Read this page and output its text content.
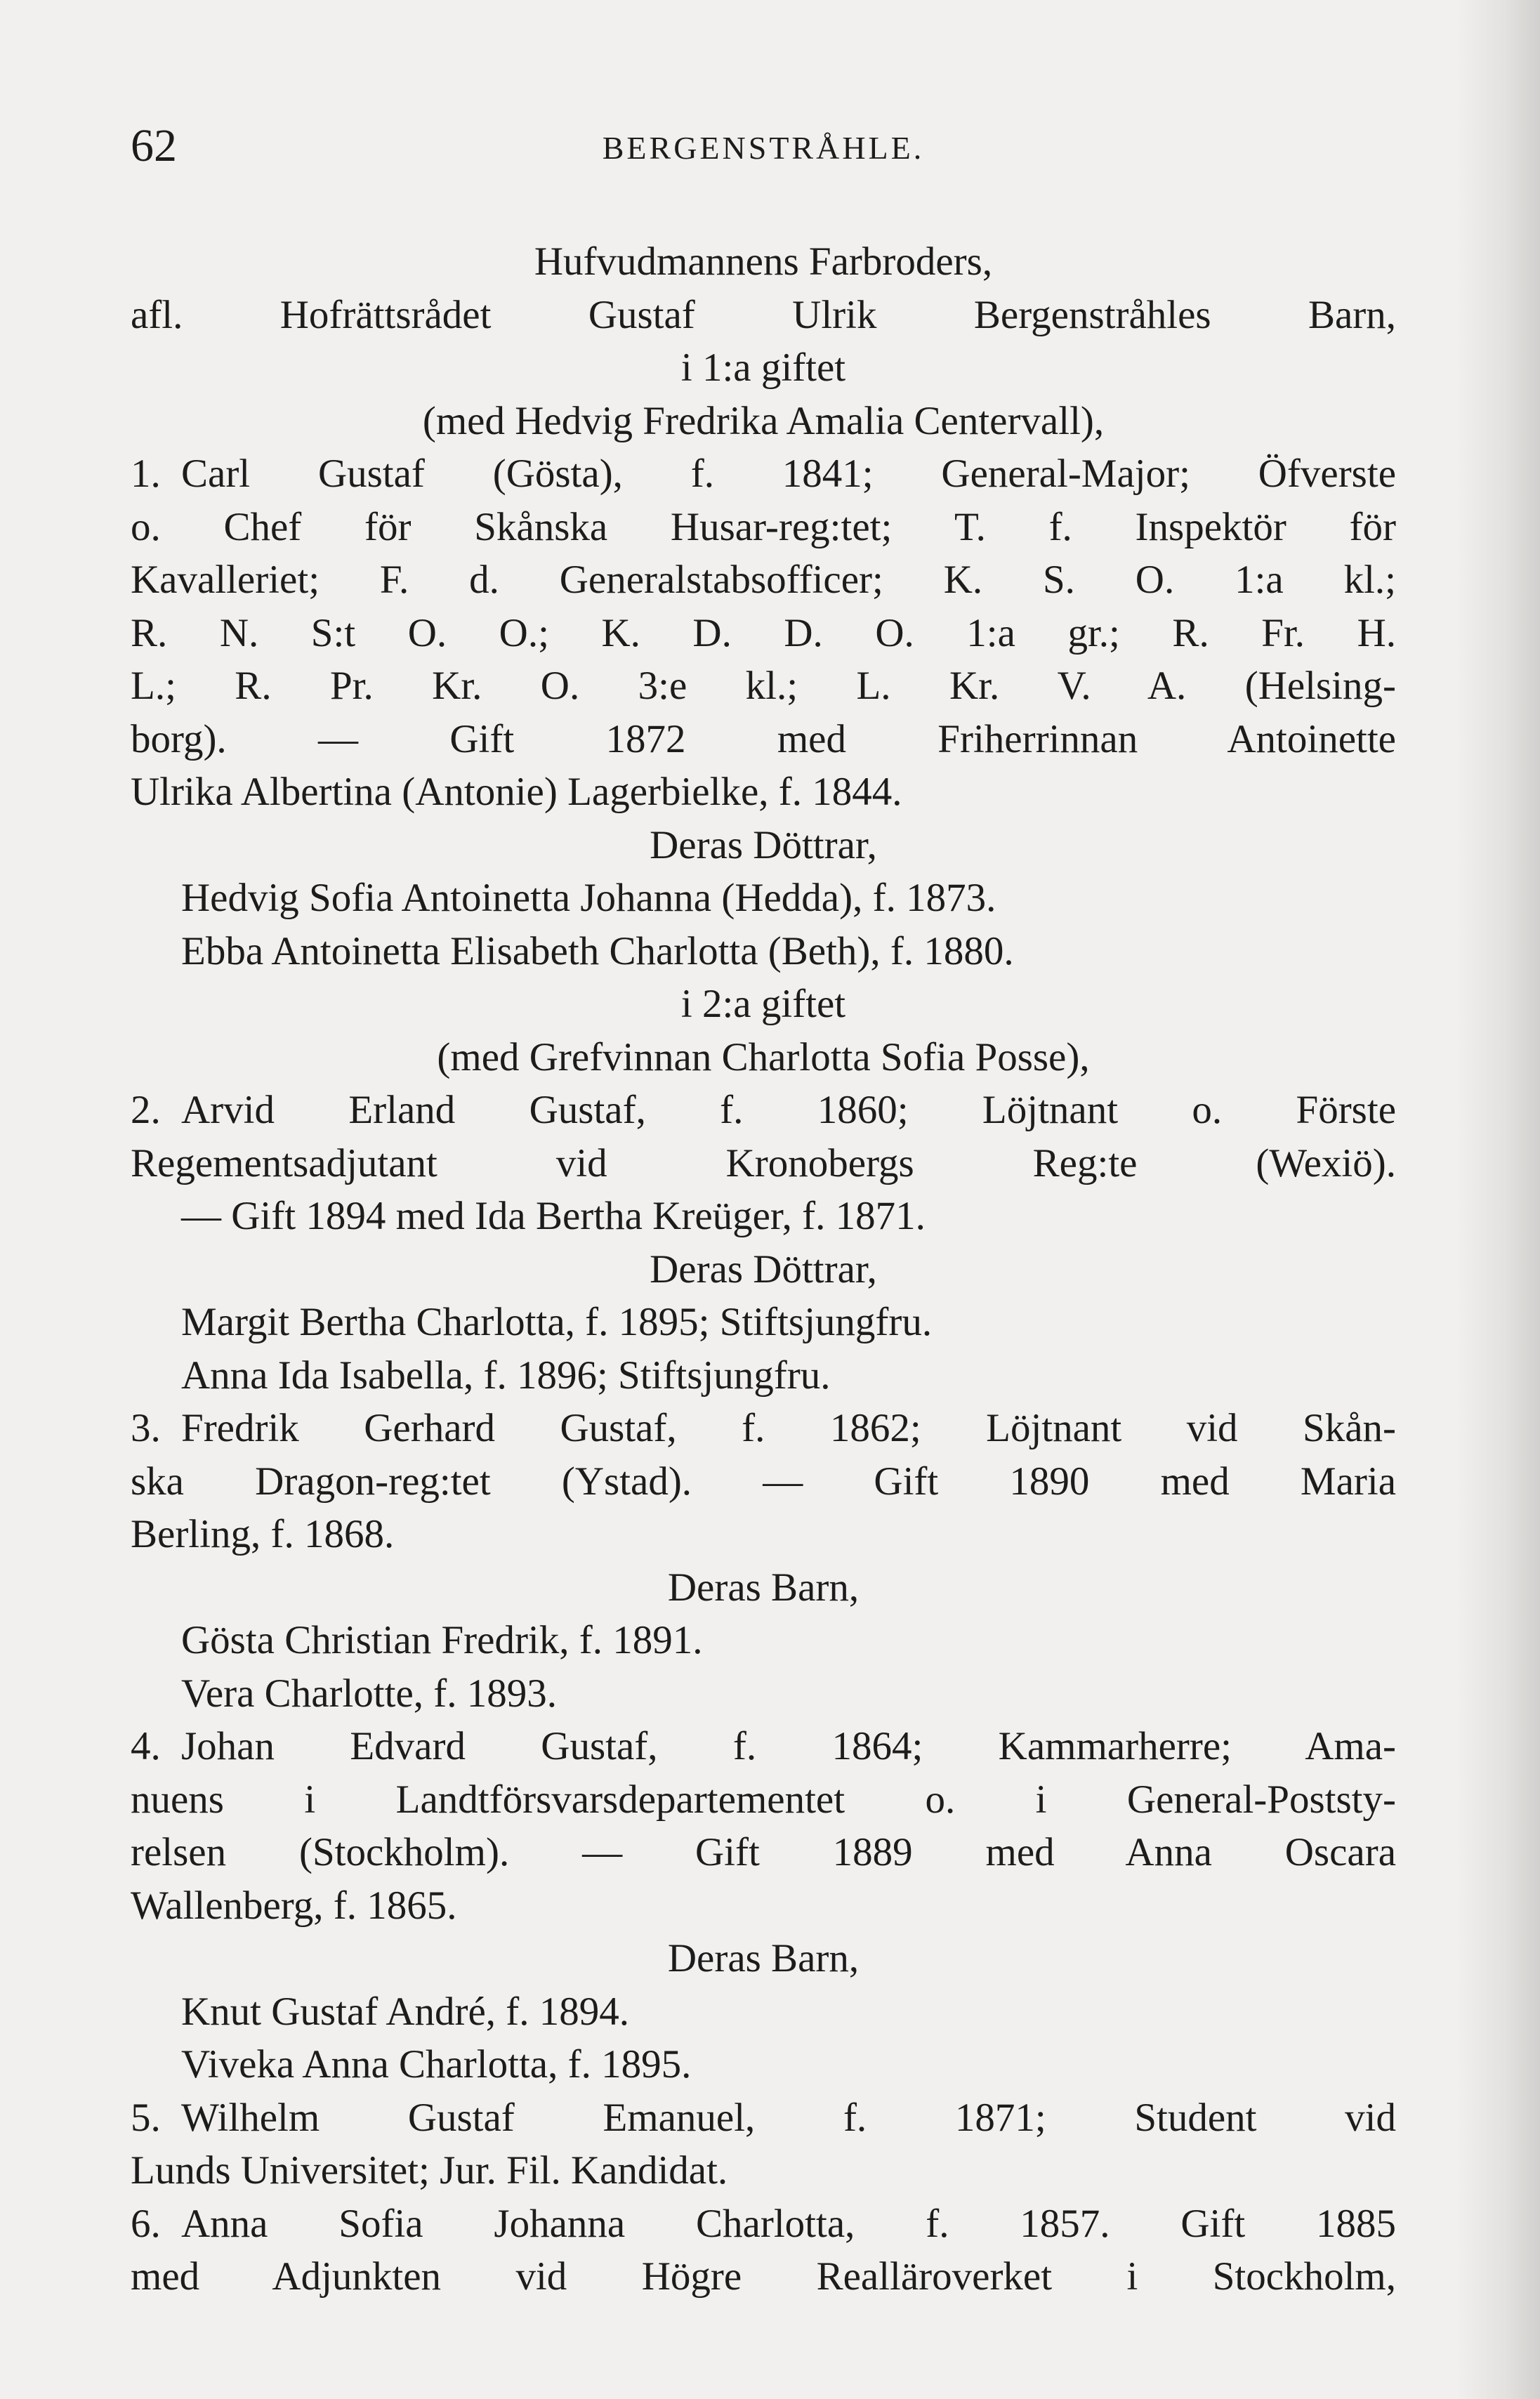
62	BERGENSTRÅHLE.
Hufvudmannens Farbroders,
afl. Hofrättsrådet Gustaf Ulrik Bergenstråhles Barn,
i 1:a giftet
(med Hedvig Fredrika Amalia Centervall),
1. Carl Gustaf (Gösta), f. 1841; General-Major; Öfverste
o. Chef för Skånska Husar-reg:tet; T. f. Inspektör för
Kavalleriet; F. d. Generalstabsofficer; K. S. O. 1:a kl.;
R. N. S:t O. O.; K. D. D. O. 1:a gr.; R. Fr. H.
L.; R. Pr. Kr. O. 3:e kl.; L. Kr. V. A. (Helsing-
borg). — Gift 1872 med Friherrinnan Antoinette
Ulrika Albertina (Antonie) Lagerbielke, f. 1844.
Deras Döttrar,
Hedvig Sofia Antoinetta Johanna (Hedda), f. 1873.
Ebba Antoinetta Elisabeth Charlotta (Beth), f. 1880.
i 2:a giftet
(med Grefvinnan Charlotta Sofia Posse),
2. Arvid Erland Gustaf, f. 1860; Löjtnant o. Förste
Regementsadjutant vid Kronobergs Reg:te (Wexiö).
— Gift 1894 med Ida Bertha Kreüger, f. 1871.
Deras Döttrar,
Margit Bertha Charlotta, f. 1895; Stiftsjungfru.
Anna Ida Isabella, f. 1896; Stiftsjungfru.
3. Fredrik Gerhard Gustaf, f. 1862; Löjtnant vid Skån-
ska Dragon-reg:tet (Ystad). — Gift 1890 med Maria
Berling, f. 1868.
Deras Barn,
Gösta Christian Fredrik, f. 1891.
Vera Charlotte, f. 1893.
4. Johan Edvard Gustaf, f. 1864; Kammarherre; Ama-
nuens i Landtförsvarsdepartementet o. i General-Poststy-
relsen (Stockholm). — Gift 1889 med Anna Oscara
Wallenberg, f. 1865.
Deras Barn,
Knut Gustaf André, f. 1894.
Viveka Anna Charlotta, f. 1895.
5. Wilhelm Gustaf Emanuel, f. 1871; Student vid
Lunds Universitet; Jur. Fil. Kandidat.
6. Anna Sofia Johanna Charlotta, f. 1857. Gift 1885
med Adjunkten vid Högre Realläroverket i Stockholm,
